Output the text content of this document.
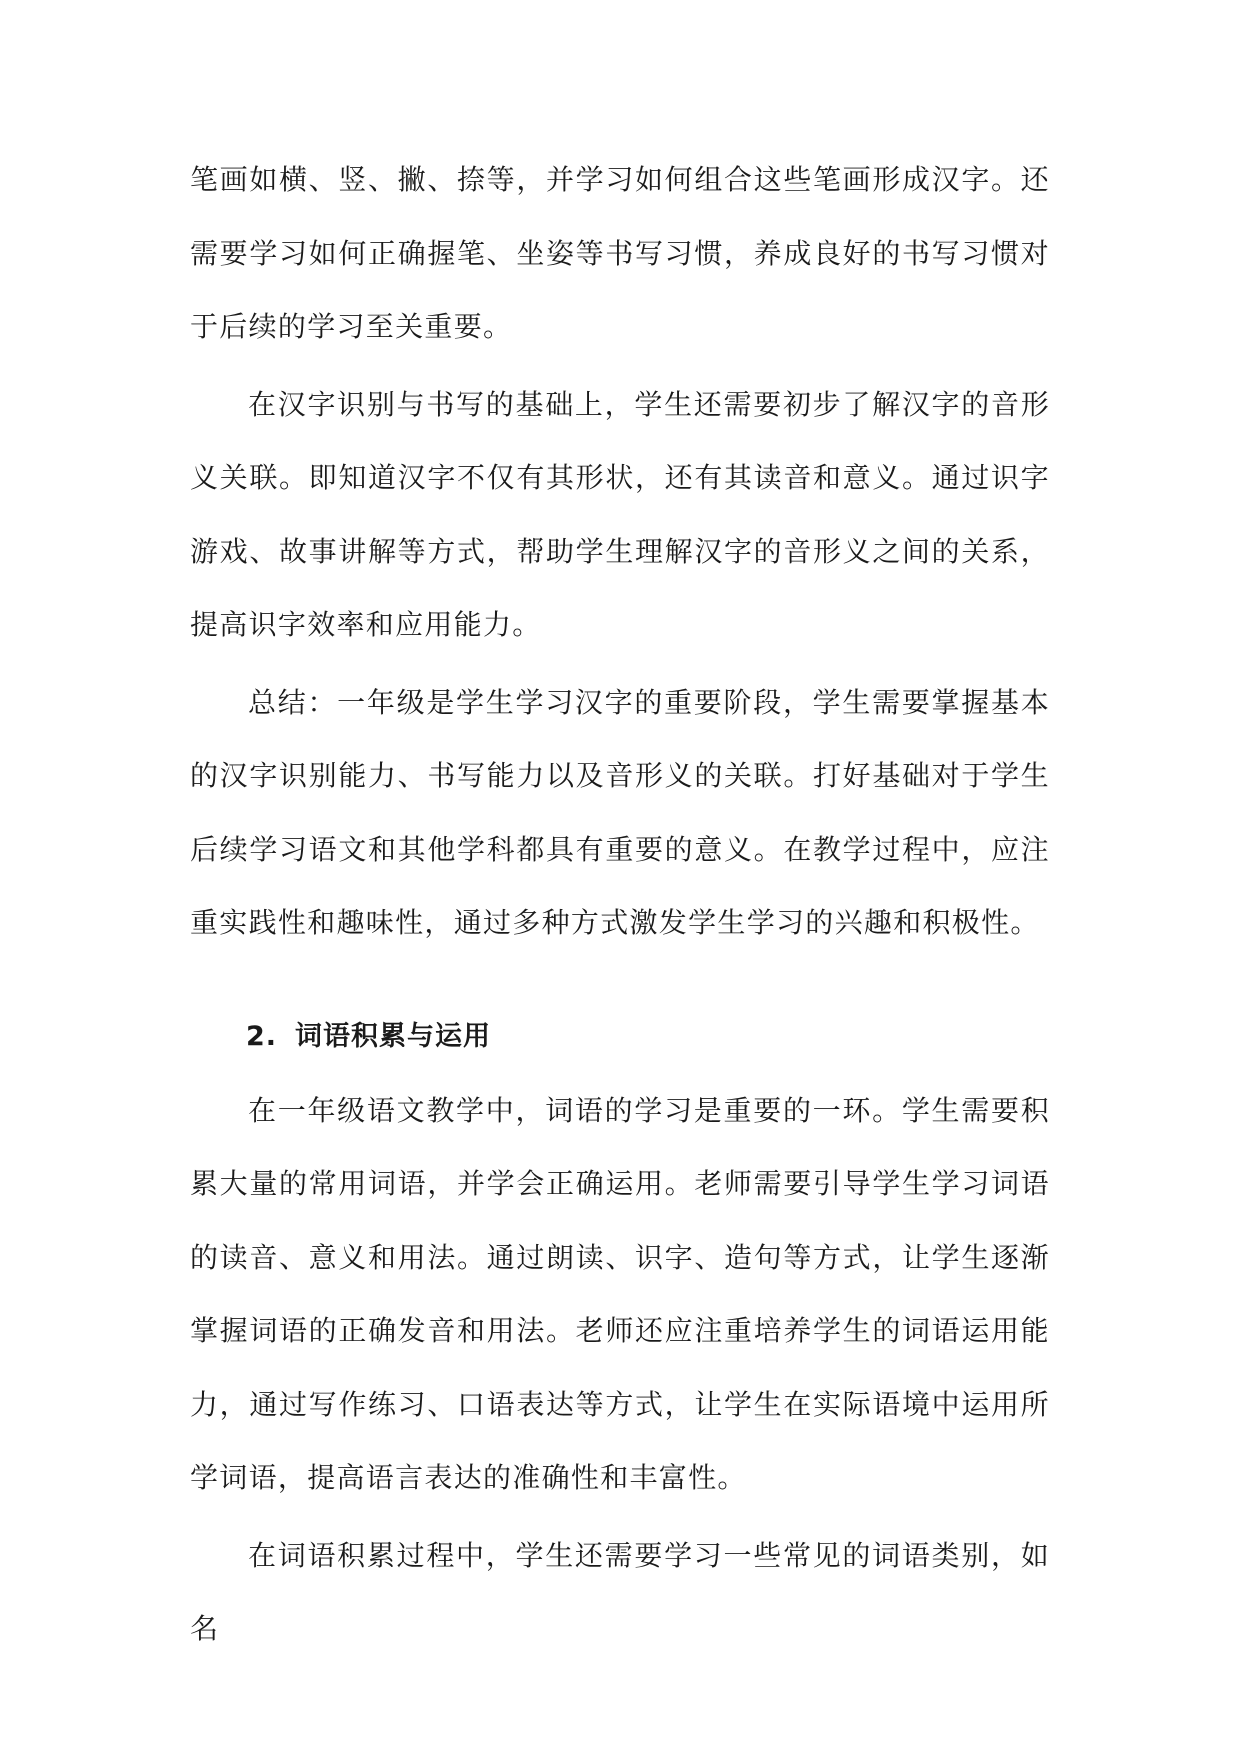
笔画如横、竖、撇、捺等，并学习如何组合这些笔画形成汉字。还需要学习如何正确握笔、坐姿等书写习惯，养成良好的书写习惯对于后续的学习至关重要。

在汉字识别与书写的基础上，学生还需要初步了解汉字的音形义关联。即知道汉字不仅有其形状，还有其读音和意义。通过识字游戏、故事讲解等方式，帮助学生理解汉字的音形义之间的关系，提高识字效率和应用能力。

总结：一年级是学生学习汉字的重要阶段，学生需要掌握基本的汉字识别能力、书写能力以及音形义的关联。打好基础对于学生后续学习语文和其他学科都具有重要的意义。在教学过程中，应注重实践性和趣味性，通过多种方式激发学生学习的兴趣和积极性。

2. 词语积累与运用

在一年级语文教学中，词语的学习是重要的一环。学生需要积累大量的常用词语，并学会正确运用。老师需要引导学生学习词语的读音、意义和用法。通过朗读、识字、造句等方式，让学生逐渐掌握词语的正确发音和用法。老师还应注重培养学生的词语运用能力，通过写作练习、口语表达等方式，让学生在实际语境中运用所学词语，提高语言表达的准确性和丰富性。

在词语积累过程中，学生还需要学习一些常见的词语类别，如名
